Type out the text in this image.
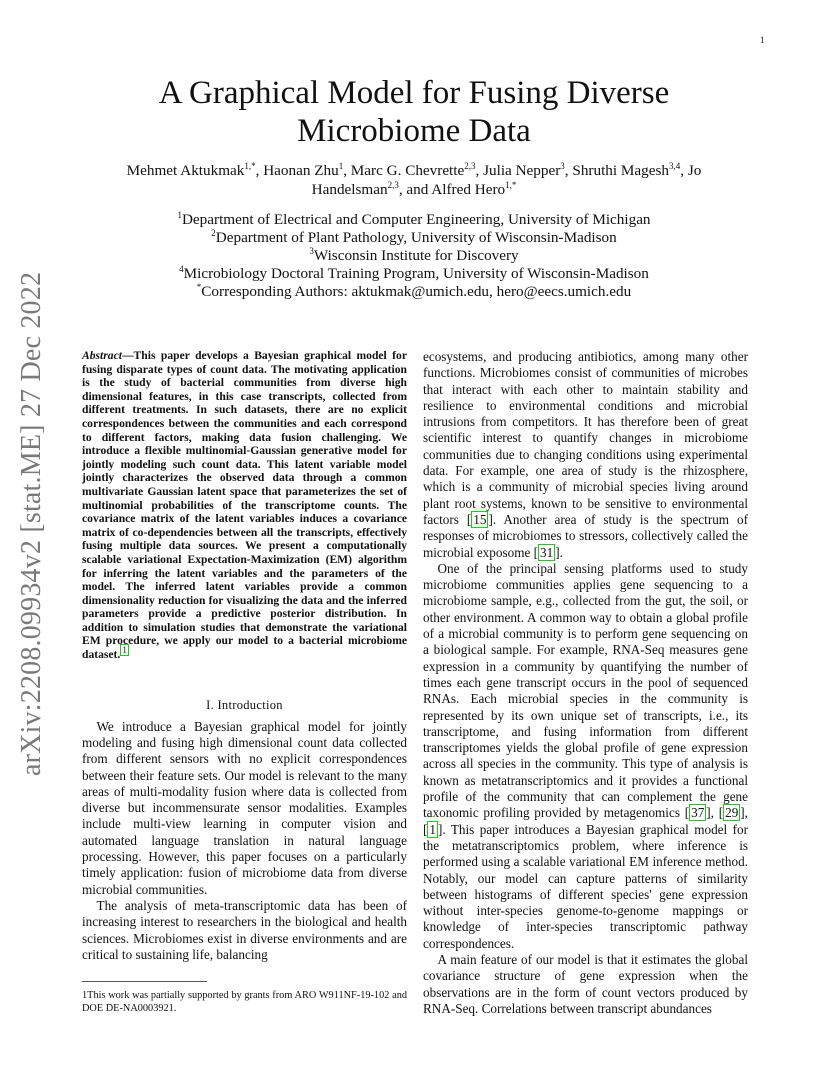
1
arXiv:2208.09934v2 [stat.ME] 27 Dec 2022
A Graphical Model for Fusing Diverse
Microbiome Data
Mehmet Aktukmak$^{1,*}$, Haonan Zhu$^1$, Marc G. Chevrette$^{2,3}$, Julia Nepper$^3$, Shruthi Magesh$^{3,4}$, Jo Handelsman$^{2,3}$, and Alfred Hero$^{1,*}$
$^1$Department of Electrical and Computer Engineering, University of Michigan
$^2$Department of Plant Pathology, University of Wisconsin-Madison
$^3$Wisconsin Institute for Discovery
$^4$Microbiology Doctoral Training Program, University of Wisconsin-Madison
*Corresponding Authors: aktukmak@umich.edu, hero@eecs.umich.edu

Abstract—This paper develops a Bayesian graphical model for fusing disparate types of count data. The motivating application is the study of bacterial communities from diverse high dimensional features, in this case transcripts, collected from different treatments. In such datasets, there are no explicit correspondences between the communities and each correspond to different factors, making data fusion challenging. We introduce a flexible multinomial-Gaussian generative model for jointly modeling such count data. This latent variable model jointly characterizes the observed data through a common multivariate Gaussian latent space that parameterizes the set of multinomial probabilities of the transcriptome counts. The covariance matrix of the latent variables induces a covariance matrix of co-dependencies between all the transcripts, effectively fusing multiple data sources. We present a computationally scalable variational Expectation-Maximization (EM) algorithm for inferring the latent variables and the parameters of the model. The inferred latent variables provide a common dimensionality reduction for visualizing the data and the inferred parameters provide a predictive posterior distribution. In addition to simulation studies that demonstrate the variational EM procedure, we apply our model to a bacterial microbiome dataset. $^1$

I. Introduction

We introduce a Bayesian graphical model for jointly modeling and fusing high dimensional count data collected from different sensors with no explicit correspondences between their feature sets. Our model is relevant to the many areas of multi-modality fusion where data is collected from diverse but incommensurate sensor modalities. Examples include multi-view learning in computer vision and automated language translation in natural language processing. However, this paper focuses on a particularly timely application: fusion of microbiome data from diverse microbial communities.

The analysis of meta-transcriptomic data has been of increasing interest to researchers in the biological and health sciences. Microbiomes exist in diverse environments and are critical to sustaining life, balancing

1This work was partially supported by grants from ARO W911NF-19-102 and DOE DE-NA0003921.

ecosystems, and producing antibiotics, among many other functions. Microbiomes consist of communities of microbes that interact with each other to maintain stability and resilience to environmental conditions and microbial intrusions from competitors. It has therefore been of great scientific interest to quantify changes in microbiome communities due to changing conditions using experimental data. For example, one area of study is the rhizosphere, which is a community of microbial species living around plant root systems, known to be sensitive to environmental factors [ 15 ]. Another area of study is the spectrum of responses of microbiomes to stressors, collectively called the microbial exposome [ 31 ].

One of the principal sensing platforms used to study microbiome communities applies gene sequencing to a microbiome sample, e.g., collected from the gut, the soil, or other environment. A common way to obtain a global profile of a microbial community is to perform gene sequencing on a biological sample. For example, RNA-Seq measures gene expression in a community by quantifying the number of times each gene transcript occurs in the pool of sequenced RNAs. Each microbial species in the community is represented by its own unique set of transcripts, i.e., its transcriptome, and fusing information from different transcriptomes yields the global profile of gene expression across all species in the community. This type of analysis is known as metatranscriptomics and it provides a functional profile of the community that can complement the gene taxonomic profiling provided by metagenomics [ 37 ], [ 29 ], [ 1 ]. This paper introduces a Bayesian graphical model for the metatranscriptomics problem, where inference is performed using a scalable variational EM inference method. Notably, our model can capture patterns of similarity between histograms of different species' gene expression without inter-species genome-to-genome mappings or knowledge of inter-species transcriptomic pathway correspondences.

A main feature of our model is that it estimates the global covariance structure of gene expression when the observations are in the form of count vectors produced by RNA-Seq. Correlations between transcript abundances
